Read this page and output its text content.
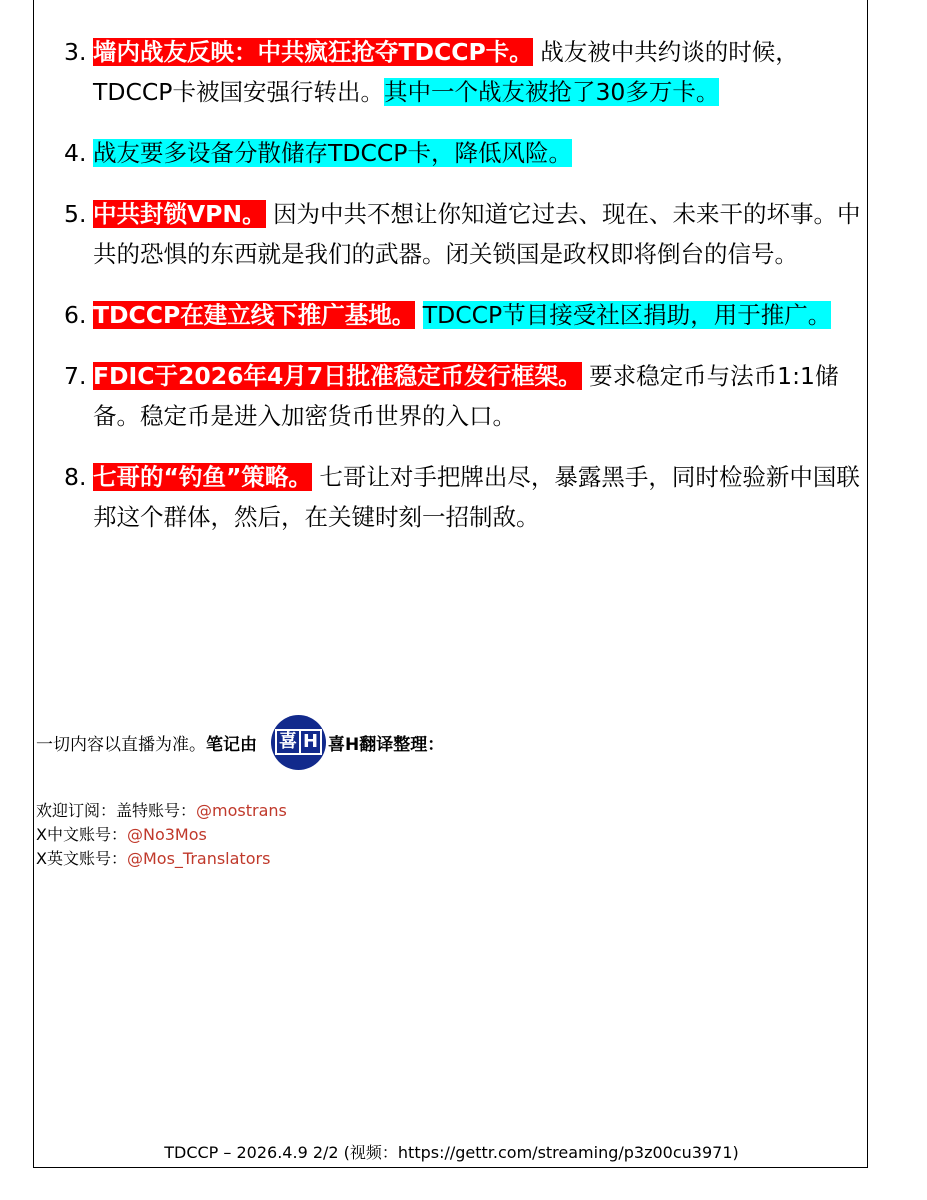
3. 墙内战友反映：中共疯狂抢夺TDCCP卡。 战友被中共约谈的时候，TDCCP卡被国安强行转出。其中一个战友被抢了30多万卡。
4. 战友要多设备分散储存TDCCP卡，降低风险。
5. 中共封锁VPN。 因为中共不想让你知道它过去、现在、未来干的坏事。中共的恐惧的东西就是我们的武器。闭关锁国是政权即将倒台的信号。
6. TDCCP在建立线下推广基地。 TDCCP节目接受社区捐助，用于推广。
7. FDIC于2026年4月7日批准稳定币发行框架。 要求稳定币与法币1:1储备。稳定币是进入加密货币世界的入口。
8. 七哥的“钓鱼”策略。 七哥让对手把牌出尽，暴露黑手，同时检验新中国联邦这个群体，然后，在关键时刻一招制敌。
一切内容以直播为准。 笔记由 喜 H 喜H翻译整理：
欢迎订阅：盖特账号：@mostrans
X中文账号：@No3Mos
X英文账号：@Mos_Translators
TDCCP – 2026.4.9 2/2 (视频：https://gettr.com/streaming/p3z00cu3971)
